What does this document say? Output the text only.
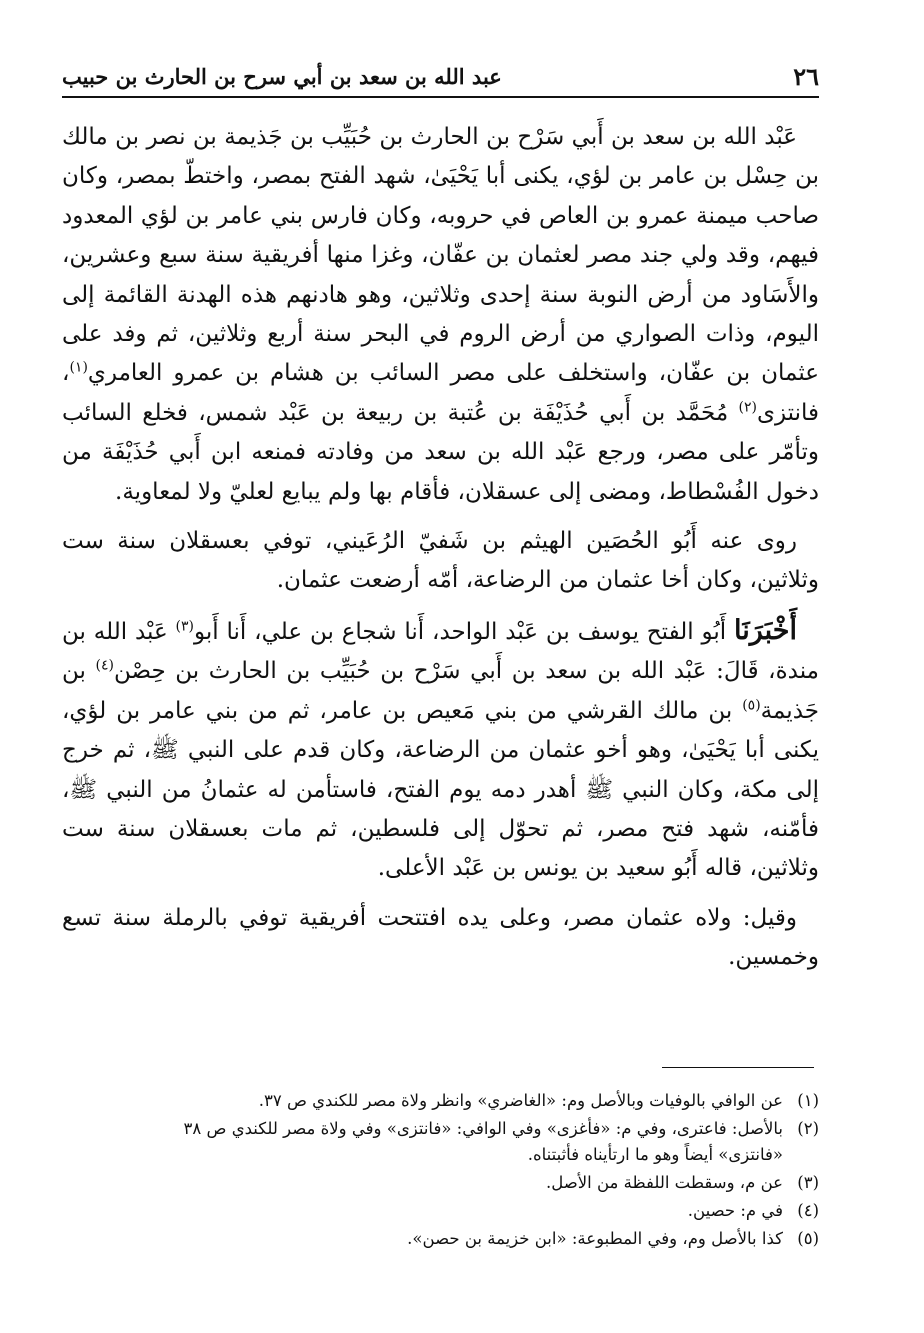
٢٦
عبد الله بن سعد بن أبي سرح بن الحارث بن حبيب

عَبْد الله بن سعد بن أَبي سَرْح بن الحارث بن حُبَيِّب بن جَذيمة بن نصر بن مالك بن حِسْل بن عامر بن لؤي، يكنى أبا يَحْيَىٰ، شهد الفتح بمصر، واختطّ بمصر، وكان صاحب ميمنة عمرو بن العاص في حروبه، وكان فارس بني عامر بن لؤي المعدود فيهم، وقد ولي جند مصر لعثمان بن عفّان، وغزا منها أفريقية سنة سبع وعشرين، والأَسَاود من أرض النوبة سنة إحدى وثلاثين، وهو هادنهم هذه الهدنة القائمة إلى اليوم، وذات الصواري من أرض الروم في البحر سنة أربع وثلاثين، ثم وفد على عثمان بن عفّان، واستخلف على مصر السائب بن هشام بن عمرو العامري$^{(١)}$، فانتزى$^{(٢)}$ مُحَمَّد بن أَبي حُذَيْفَة بن عُتبة بن ربيعة بن عَبْد شمس، فخلع السائب وتأمّر على مصر، ورجع عَبْد الله بن سعد من وفادته فمنعه ابن أَبي حُذَيْفَة من دخول الفُسْطاط، ومضى إلى عسقلان، فأقام بها ولم يبايع لعليّ ولا لمعاوية.

روى عنه أَبُو الحُصَين الهيثم بن شَفيّ الرُعَيني، توفي بعسقلان سنة ست وثلاثين، وكان أخا عثمان من الرضاعة، أمّه أرضعت عثمان.

أَخْبَرَنَا أَبُو الفتح يوسف بن عَبْد الواحد، أَنا شجاع بن علي، أَنا أَبو$^{(٣)}$ عَبْد الله بن مندة، قَالَ: عَبْد الله بن سعد بن أَبي سَرْح بن حُبَيِّب بن الحارث بن حِصْن$^{(٤)}$ بن جَذيمة$^{(٥)}$ بن مالك القرشي من بني مَعيص بن عامر، ثم من بني عامر بن لؤي، يكنى أبا يَحْيَىٰ، وهو أخو عثمان من الرضاعة، وكان قدم على النبي ﷺ، ثم خرج إلى مكة، وكان النبي ﷺ أهدر دمه يوم الفتح، فاستأمن له عثمانُ من النبي ﷺ، فأمّنه، شهد فتح مصر، ثم تحوّل إلى فلسطين، ثم مات بعسقلان سنة ست وثلاثين، قاله أَبُو سعيد بن يونس بن عَبْد الأعلى.

وقيل: ولاه عثمان مصر، وعلى يده افتتحت أفريقية توفي بالرملة سنة تسع وخمسين.

(١)
عن الوافي بالوفيات وبالأصل وم: «الغاضري» وانظر ولاة مصر للكندي ص ٣٧.
(٢)
بالأصل: فاعترى، وفي م: «فأغزى» وفي الوافي: «فانتزى» وفي ولاة مصر للكندي ص ٣٨ «فانتزى» أيضاً وهو ما ارتأيناه فأثبتناه.
(٣)
عن م، وسقطت اللفظة من الأصل.
(٤)
في م: حصين.
(٥)
كذا بالأصل وم، وفي المطبوعة: «ابن خزيمة بن حصن».
